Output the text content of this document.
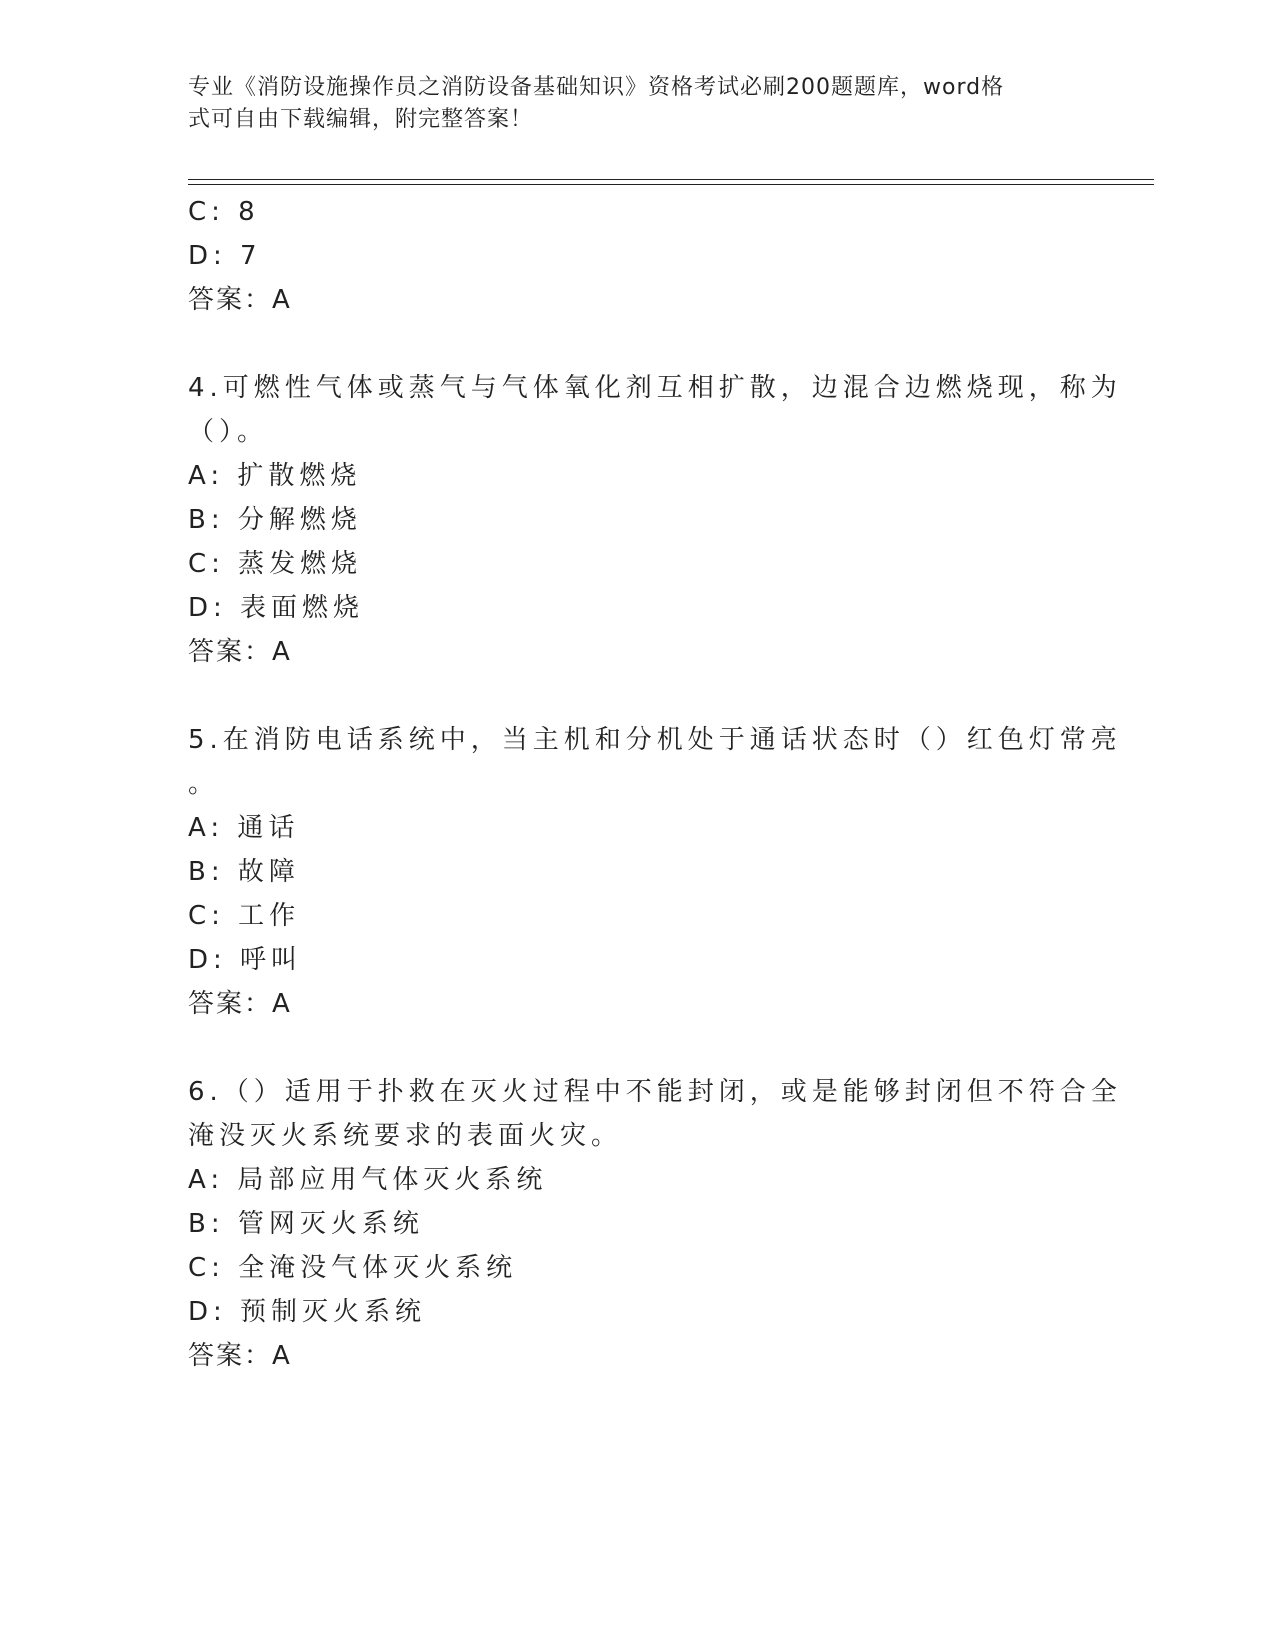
专业《消防设施操作员之消防设备基础知识》资格考试必刷200题题库，word格
式可自由下载编辑，附完整答案！
C: 8
D: 7
答案：A
4.可燃性气体或蒸气与气体氧化剂互相扩散，边混合边燃烧现，称为
（）。
A: 扩散燃烧
B: 分解燃烧
C: 蒸发燃烧
D: 表面燃烧
答案：A
5.在消防电话系统中，当主机和分机处于通话状态时（）红色灯常亮
。
A: 通话
B: 故障
C: 工作
D: 呼叫
答案：A
6.（）适用于扑救在灭火过程中不能封闭，或是能够封闭但不符合全
淹没灭火系统要求的表面火灾。
A: 局部应用气体灭火系统
B: 管网灭火系统
C: 全淹没气体灭火系统
D: 预制灭火系统
答案：A
